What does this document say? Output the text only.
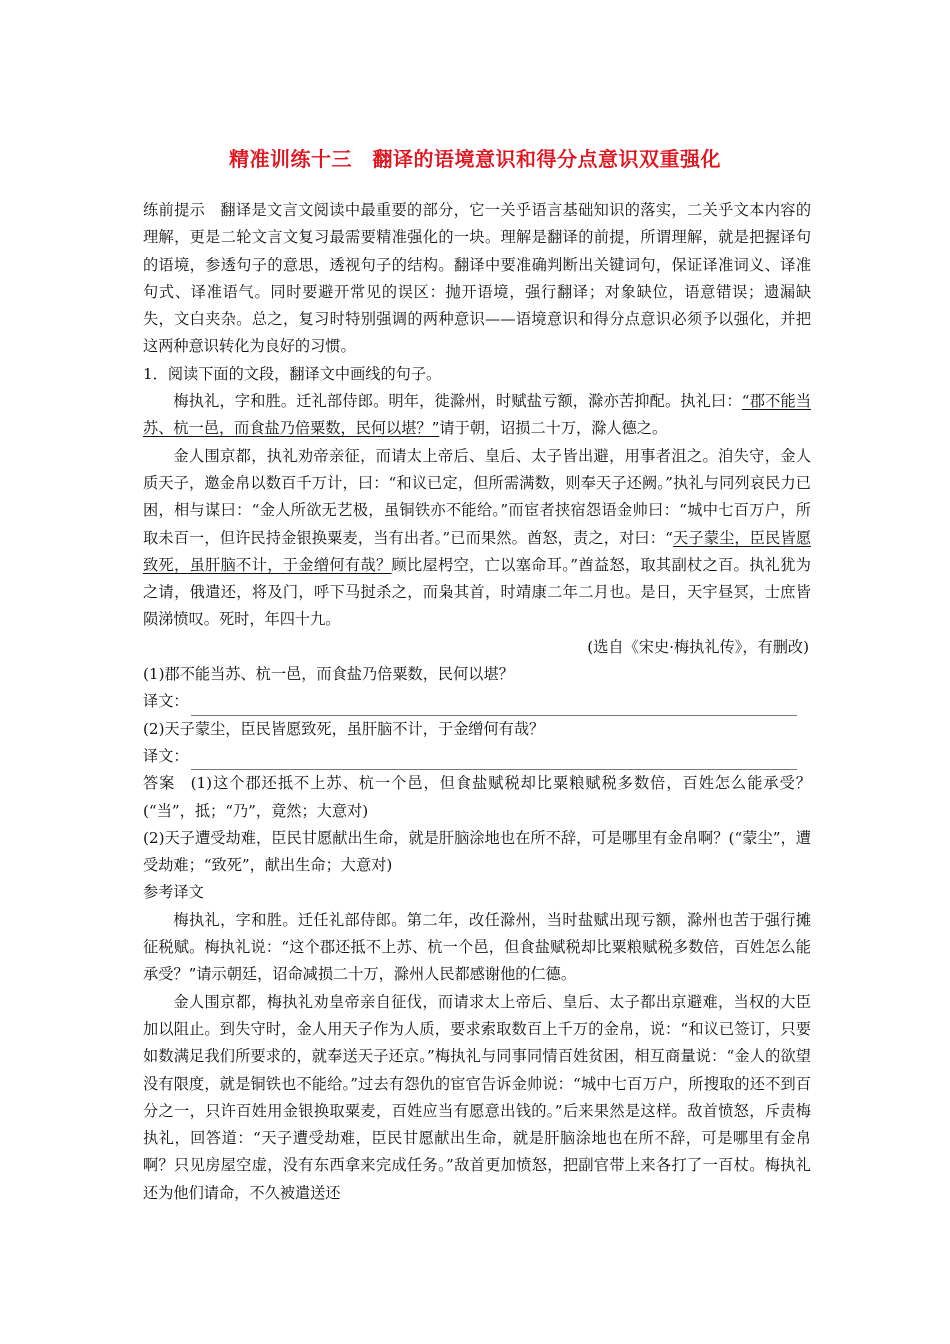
精准训练十三　翻译的语境意识和得分点意识双重强化

练前提示 翻译是文言文阅读中最重要的部分，它一关乎语言基础知识的落实，二关乎文本内容的理解，更是二轮文言文复习最需要精准强化的一块。理解是翻译的前提，所谓理解，就是把握译句的语境，参透句子的意思，透视句子的结构。翻译中要准确判断出关键词句，保证译准词义、译准句式、译准语气。同时要避开常见的误区：抛开语境，强行翻译；对象缺位，语意错误；遗漏缺失，文白夹杂。总之，复习时特别强调的两种意识——语境意识和得分点意识必须予以强化，并把这两种意识转化为良好的习惯。

1．阅读下面的文段，翻译文中画线的句子。

梅执礼，字和胜。迁礼部侍郎。明年，徙滁州，时赋盐亏额，滁亦苦抑配。执礼曰：“郡不能当苏、杭一邑，而食盐乃倍粟数，民何以堪？”请于朝，诏损二十万，滁人德之。

金人围京都，执礼劝帝亲征，而请太上帝后、皇后、太子皆出避，用事者沮之。洎失守，金人质天子，邀金帛以数百千万计，曰：“和议已定，但所需满数，则奉天子还阙。”执礼与同列哀民力已困，相与谋曰：“金人所欲无艺极，虽铜铁亦不能给。”而宦者挟宿怨语金帅曰：“城中七百万户，所取未百一，但许民持金银换粟麦，当有出者。”已而果然。酋怒，责之，对曰：“天子蒙尘，臣民皆愿致死，虽肝脑不计，于金缯何有哉？顾比屋枵空，亡以塞命耳。”酋益怒，取其副杖之百。执礼犹为之请，俄遣还，将及门，呼下马挝杀之，而枭其首，时靖康二年二月也。是日，天宇昼冥，士庶皆陨涕愤叹。死时，年四十九。

(选自《宋史·梅执礼传》，有删改)

(1)郡不能当苏、杭一邑，而食盐乃倍粟数，民何以堪？

译文：

(2)天子蒙尘，臣民皆愿致死，虽肝脑不计，于金缯何有哉？

译文：

答案 (1)这个郡还抵不上苏、杭一个邑，但食盐赋税却比粟粮赋税多数倍，百姓怎么能承受？(“当”，抵；“乃”，竟然；大意对)

(2)天子遭受劫难，臣民甘愿献出生命，就是肝脑涂地也在所不辞，可是哪里有金帛啊？(“蒙尘”，遭受劫难；“致死”，献出生命；大意对)

参考译文

梅执礼，字和胜。迁任礼部侍郎。第二年，改任滁州，当时盐赋出现亏额，滁州也苦于强行摊征税赋。梅执礼说：“这个郡还抵不上苏、杭一个邑，但食盐赋税却比粟粮赋税多数倍，百姓怎么能承受？”请示朝廷，诏命减损二十万，滁州人民都感谢他的仁德。

金人围京都，梅执礼劝皇帝亲自征伐，而请求太上帝后、皇后、太子都出京避难，当权的大臣加以阻止。到失守时，金人用天子作为人质，要求索取数百上千万的金帛，说：“和议已签订，只要如数满足我们所要求的，就奉送天子还京。”梅执礼与同事同情百姓贫困，相互商量说：“金人的欲望没有限度，就是铜铁也不能给。”过去有怨仇的宦官告诉金帅说：“城中七百万户，所搜取的还不到百分之一，只许百姓用金银换取粟麦，百姓应当有愿意出钱的。”后来果然是这样。敌首愤怒，斥责梅执礼，回答道：“天子遭受劫难，臣民甘愿献出生命，就是肝脑涂地也在所不辞，可是哪里有金帛啊？只见房屋空虚，没有东西拿来完成任务。”敌首更加愤怒，把副官带上来各打了一百杖。梅执礼还为他们请命，不久被遣送还
